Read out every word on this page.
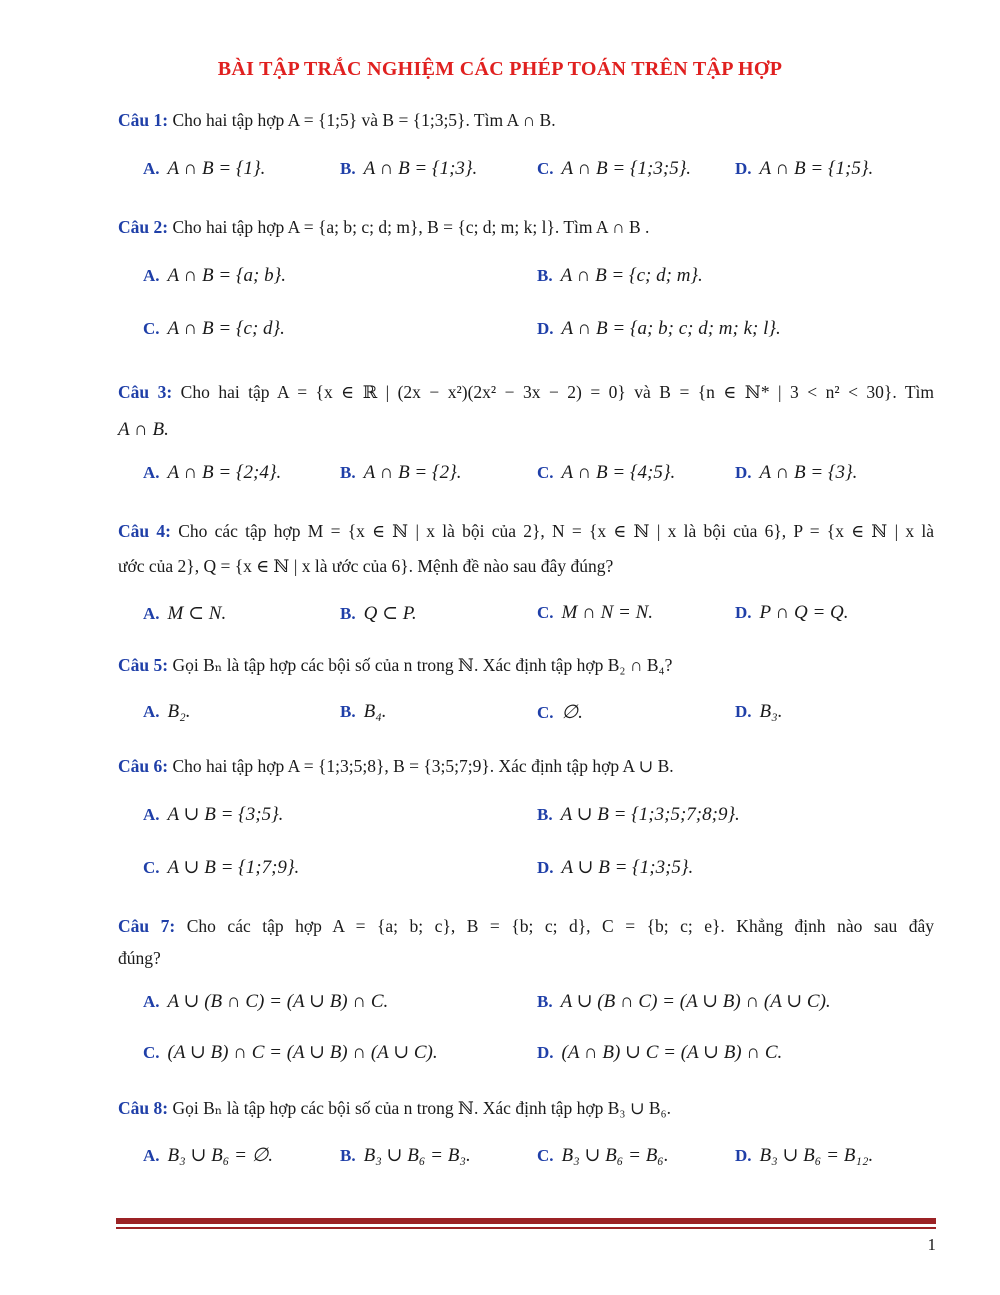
BÀI TẬP TRẮC NGHIỆM CÁC PHÉP TOÁN TRÊN TẬP HỢP
Câu 1: Cho hai tập hợp A = {1;5} và B = {1;3;5}. Tìm A ∩ B.
A. A ∩ B = {1}.	B. A ∩ B = {1;3}.	C. A ∩ B = {1;3;5}.	D. A ∩ B = {1;5}.
Câu 2: Cho hai tập hợp A = {a; b; c; d; m}, B = {c; d; m; k; l}. Tìm A ∩ B .
A. A ∩ B = {a; b}.	B. A ∩ B = {c; d; m}.
C. A ∩ B = {c; d}.	D. A ∩ B = {a; b; c; d; m; k; l}.
Câu 3: Cho hai tập A = {x ∈ ℝ | (2x − x²)(2x² − 3x − 2) = 0} và B = {n ∈ ℕ* | 3 < n² < 30}. Tìm
A ∩ B.
A. A ∩ B = {2;4}.	B. A ∩ B = {2}.	C. A ∩ B = {4;5}.	D. A ∩ B = {3}.
Câu 4: Cho các tập hợp M = {x ∈ ℕ | x là bội của 2}, N = {x ∈ ℕ | x là bội của 6}, P = {x ∈ ℕ | x là
ước của 2}, Q = {x ∈ ℕ | x là ước của 6}. Mệnh đề nào sau đây đúng?
A. M ⊂ N.	B. Q ⊂ P.	C. M ∩ N = N.	D. P ∩ Q = Q.
Câu 5: Gọi Bₙ là tập hợp các bội số của n trong ℕ. Xác định tập hợp B₂ ∩ B₄?
A. B₂.	B. B₄.	C. ∅.	D. B₃.
Câu 6: Cho hai tập hợp A = {1;3;5;8}, B = {3;5;7;9}. Xác định tập hợp A ∪ B.
A. A ∪ B = {3;5}.	B. A ∪ B = {1;3;5;7;8;9}.
C. A ∪ B = {1;7;9}.	D. A ∪ B = {1;3;5}.
Câu 7: Cho các tập hợp A = {a; b; c}, B = {b; c; d}, C = {b; c; e}. Khẳng định nào sau đây
đúng?
A. A ∪ (B ∩ C) = (A ∪ B) ∩ C.	B. A ∪ (B ∩ C) = (A ∪ B) ∩ (A ∪ C).
C. (A ∪ B) ∩ C = (A ∪ B) ∩ (A ∪ C).	D. (A ∩ B) ∪ C = (A ∪ B) ∩ C.
Câu 8: Gọi Bₙ là tập hợp các bội số của n trong ℕ. Xác định tập hợp B₃ ∪ B₆.
A. B₃ ∪ B₆ = ∅.	B. B₃ ∪ B₆ = B₃.	C. B₃ ∪ B₆ = B₆.	D. B₃ ∪ B₆ = B₁₂.
1
